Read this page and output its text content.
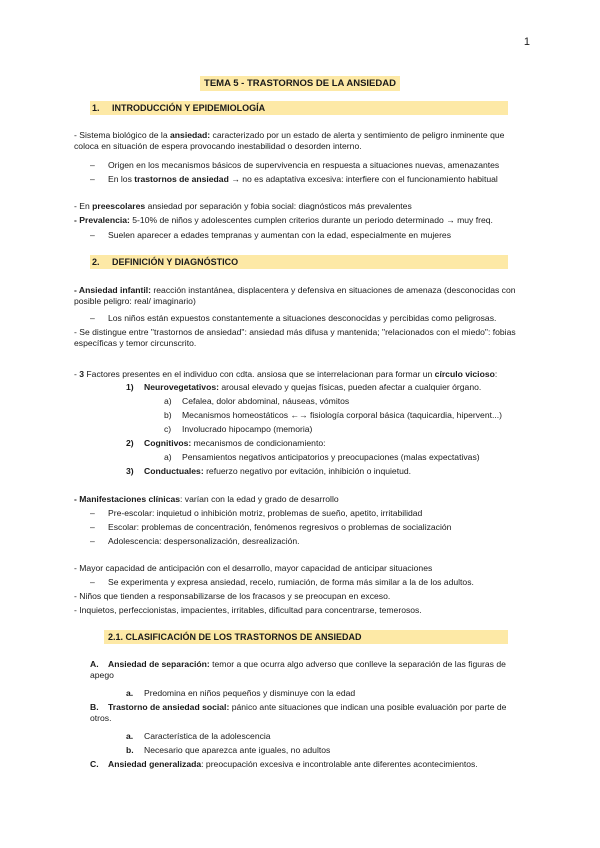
1
TEMA 5 - TRASTORNOS DE LA ANSIEDAD
1. INTRODUCCIÓN Y EPIDEMIOLOGÍA
- Sistema biológico de la ansiedad: caracterizado por un estado de alerta y sentimiento de peligro inminente que coloca en situación de espera provocando inestabilidad o desorden interno.
– Origen en los mecanismos básicos de supervivencia en respuesta a situaciones nuevas, amenazantes
– En los trastornos de ansiedad → no es adaptativa excesiva: interfiere con el funcionamiento habitual
- En preescolares ansiedad por separación y fobia social: diagnósticos más prevalentes
- Prevalencia: 5-10% de niños y adolescentes cumplen criterios durante un periodo determinado → muy freq.
– Suelen aparecer a edades tempranas y aumentan con la edad, especialmente en mujeres
2. DEFINICIÓN Y DIAGNÓSTICO
- Ansiedad infantil: reacción instantánea, displacentera y defensiva en situaciones de amenaza (desconocidas con posible peligro: real/ imaginario)
– Los niños están expuestos constantemente a situaciones desconocidas y percibidas como peligrosas.
- Se distingue entre "trastornos de ansiedad": ansiedad más difusa y mantenida; "relacionados con el miedo": fobias específicas y temor circunscrito.
- 3 Factores presentes en el individuo con cdta. ansiosa que se interrelacionan para formar un círculo vicioso:
1) Neurovegetativos: arousal elevado y quejas físicas, pueden afectar a cualquier órgano.
a) Cefalea, dolor abdominal, náuseas, vómitos
b) Mecanismos homeostáticos ←→ fisiología corporal básica (taquicardia, hipervent...)
c) Involucrado hipocampo (memoria)
2) Cognitivos: mecanismos de condicionamiento:
a) Pensamientos negativos anticipatorios y preocupaciones (malas expectativas)
3) Conductuales: refuerzo negativo por evitación, inhibición o inquietud.
- Manifestaciones clínicas: varían con la edad y grado de desarrollo
– Pre-escolar: inquietud o inhibición motriz, problemas de sueño, apetito, irritabilidad
– Escolar: problemas de concentración, fenómenos regresivos o problemas de socialización
– Adolescencia: despersonalización, desrealización.
- Mayor capacidad de anticipación con el desarrollo, mayor capacidad de anticipar situaciones
– Se experimenta y expresa ansiedad, recelo, rumiación, de forma más similar a la de los adultos.
- Niños que tienden a responsabilizarse de los fracasos y se preocupan en exceso.
- Inquietos, perfeccionistas, impacientes, irritables, dificultad para concentrarse, temerosos.
2.1. CLASIFICACIÓN DE LOS TRASTORNOS DE ANSIEDAD
A. Ansiedad de separación: temor a que ocurra algo adverso que conlleve la separación de las figuras de apego
a. Predomina en niños pequeños y disminuye con la edad
B. Trastorno de ansiedad social: pánico ante situaciones que indican una posible evaluación por parte de otros.
a. Característica de la adolescencia
b. Necesario que aparezca ante iguales, no adultos
C. Ansiedad generalizada: preocupación excesiva e incontrolable ante diferentes acontecimientos.
